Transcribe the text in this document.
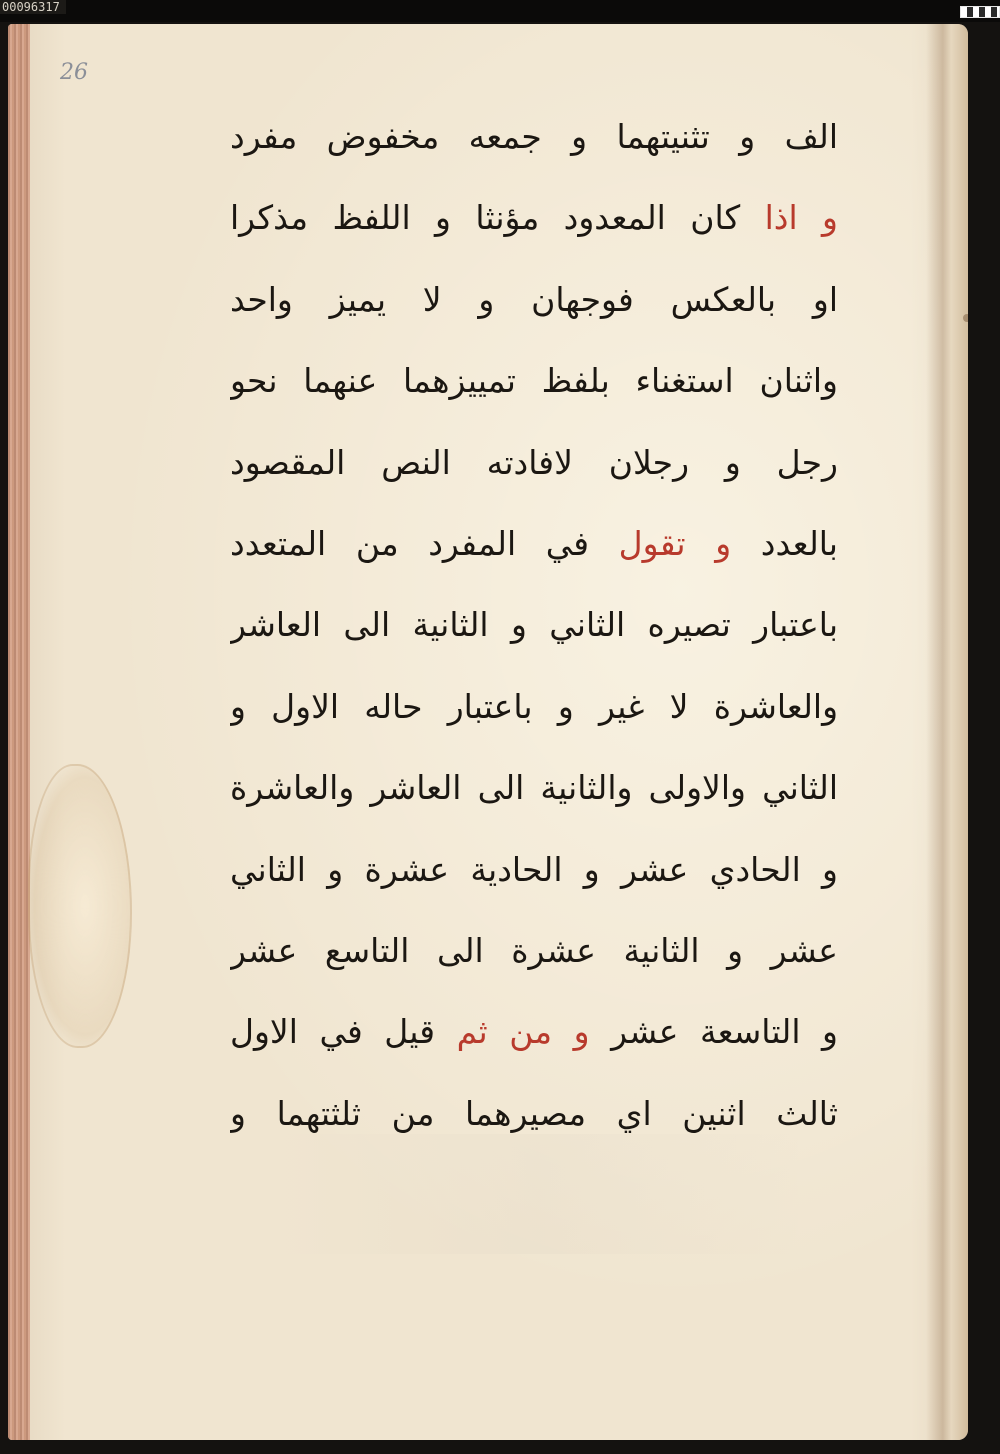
00096317
26
الف و تثنيتهما و جمعه مخفوض مفرد
و اذا كان المعدود مؤنثا و اللفظ مذكرا
او بالعكس فوجهان و لا يميز واحد
واثنان استغناء بلفظ تمييزهما عنهما نحو
رجل و رجلان لافادته النص المقصود
بالعدد و تقول في المفرد من المتعدد
باعتبار تصيره الثاني و الثانية الى العاشر
والعاشرة لا غير و باعتبار حاله الاول و
الثاني والاولى والثانية الى العاشر والعاشرة
و الحادي عشر و الحادية عشرة و الثاني
عشر و الثانية عشرة الى التاسع عشر
و التاسعة عشر و من ثم قيل في الاول
ثالث اثنين اي مصيرهما من ثلثتهما و
